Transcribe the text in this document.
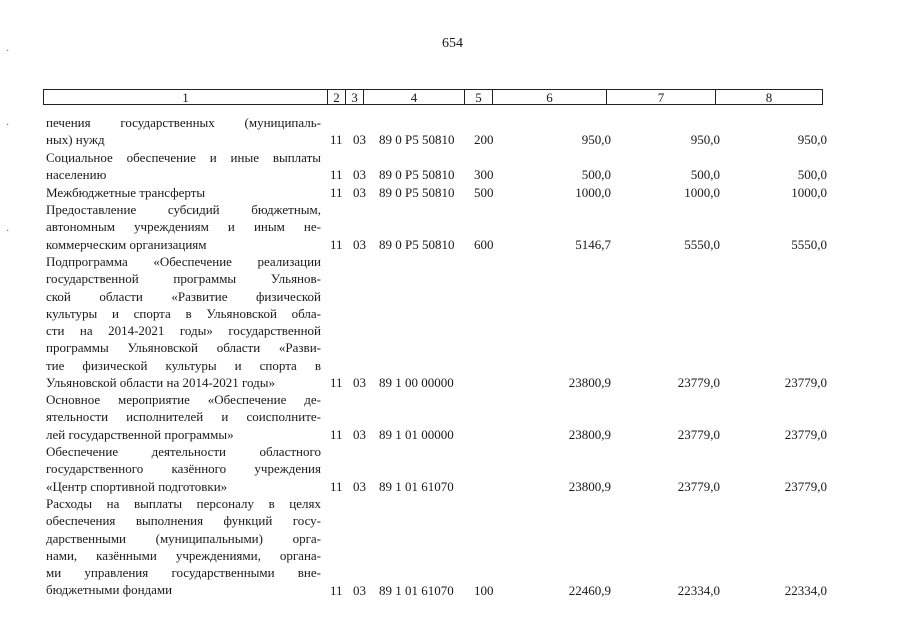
654
1	2	3	4	5	6	7	8
печения государственных (муниципаль-
ных) нужд	11 03 89 0 Р5 50810 200	950,0	950,0	950,0
Социальное обеспечение и иные выплаты
населению	11 03 89 0 Р5 50810 300	500,0	500,0	500,0
Межбюджетные трансферты	11 03 89 0 Р5 50810 500	1000,0	1000,0	1000,0
Предоставление субсидий бюджетным,
автономным учреждениям и иным не-
коммерческим организациям	11 03 89 0 Р5 50810 600	5146,7	5550,0	5550,0
Подпрограмма «Обеспечение реализации
государственной программы Ульянов-
ской области «Развитие физической
культуры и спорта в Ульяновской обла-
сти на 2014-2021 годы» государственной
программы Ульяновской области «Разви-
тие физической культуры и спорта в
Ульяновской области на 2014-2021 годы»	11 03 89 1 00 00000	23800,9	23779,0	23779,0
Основное мероприятие «Обеспечение де-
ятельности исполнителей и соисполните-
лей государственной программы»	11 03 89 1 01 00000	23800,9	23779,0	23779,0
Обеспечение деятельности областного
государственного казённого учреждения
«Центр спортивной подготовки»	11 03 89 1 01 61070	23800,9	23779,0	23779,0
Расходы на выплаты персоналу в целях
обеспечения выполнения функций госу-
дарственными (муниципальными) орга-
нами, казёнными учреждениями, органа-
ми управления государственными вне-
бюджетными фондами	11 03 89 1 01 61070 100	22460,9	22334,0	22334,0
·
·
·
